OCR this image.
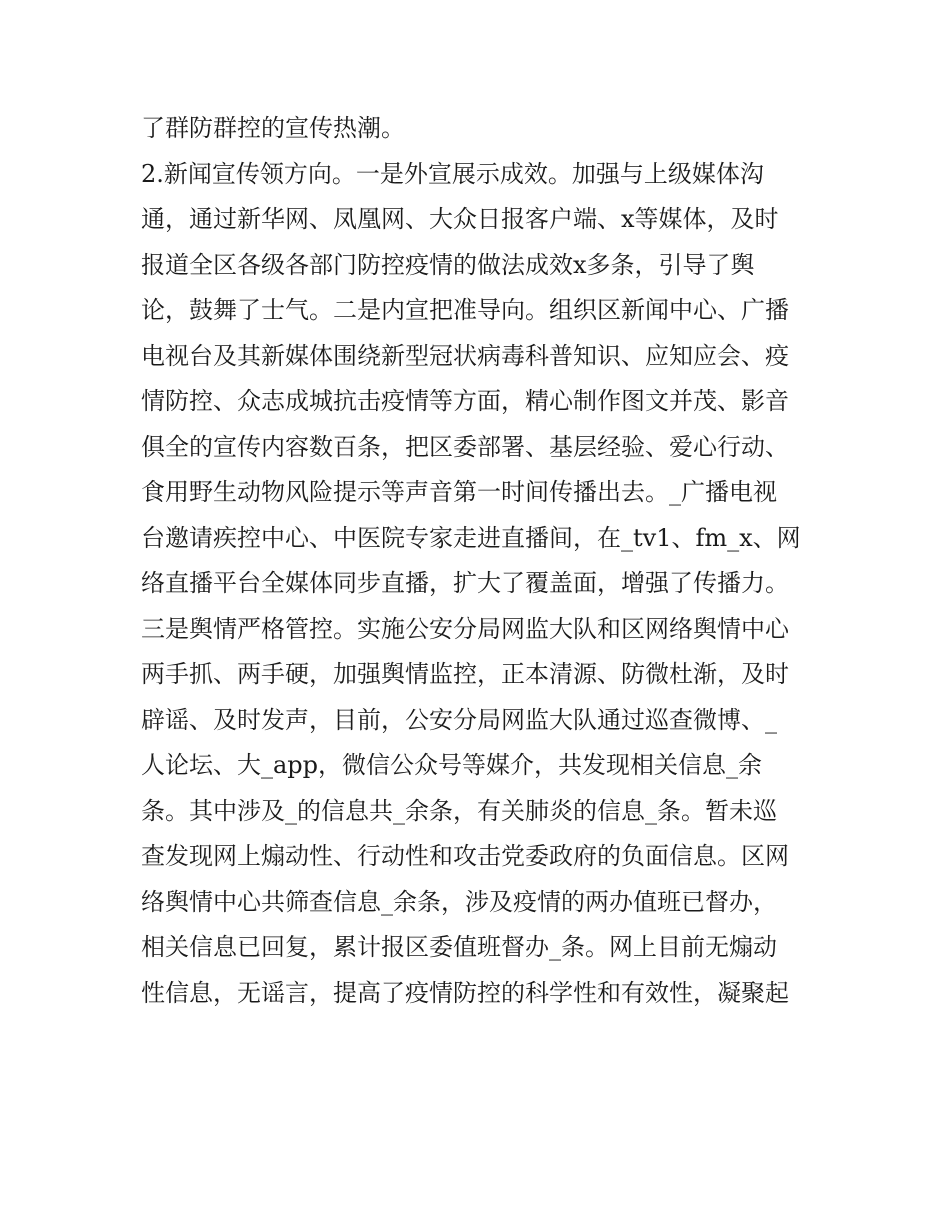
了群防群控的宣传热潮。
2.新闻宣传领方向。一是外宣展示成效。加强与上级媒体沟
通，通过新华网、凤凰网、大众日报客户端、x等媒体，及时
报道全区各级各部门防控疫情的做法成效x多条，引导了舆
论，鼓舞了士气。二是内宣把准导向。组织区新闻中心、广播
电视台及其新媒体围绕新型冠状病毒科普知识、应知应会、疫
情防控、众志成城抗击疫情等方面，精心制作图文并茂、影音
俱全的宣传内容数百条，把区委部署、基层经验、爱心行动、
食用野生动物风险提示等声音第一时间传播出去。_广播电视
台邀请疾控中心、中医院专家走进直播间，在_tv1、fm_x、网
络直播平台全媒体同步直播，扩大了覆盖面，增强了传播力。
三是舆情严格管控。实施公安分局网监大队和区网络舆情中心
两手抓、两手硬，加强舆情监控，正本清源、防微杜渐，及时
辟谣、及时发声，目前，公安分局网监大队通过巡查微博、_
人论坛、大_app，微信公众号等媒介，共发现相关信息_余
条。其中涉及_的信息共_余条，有关肺炎的信息_条。暂未巡
查发现网上煽动性、行动性和攻击党委政府的负面信息。区网
络舆情中心共筛查信息_余条，涉及疫情的两办值班已督办，
相关信息已回复，累计报区委值班督办_条。网上目前无煽动
性信息，无谣言，提高了疫情防控的科学性和有效性，凝聚起
